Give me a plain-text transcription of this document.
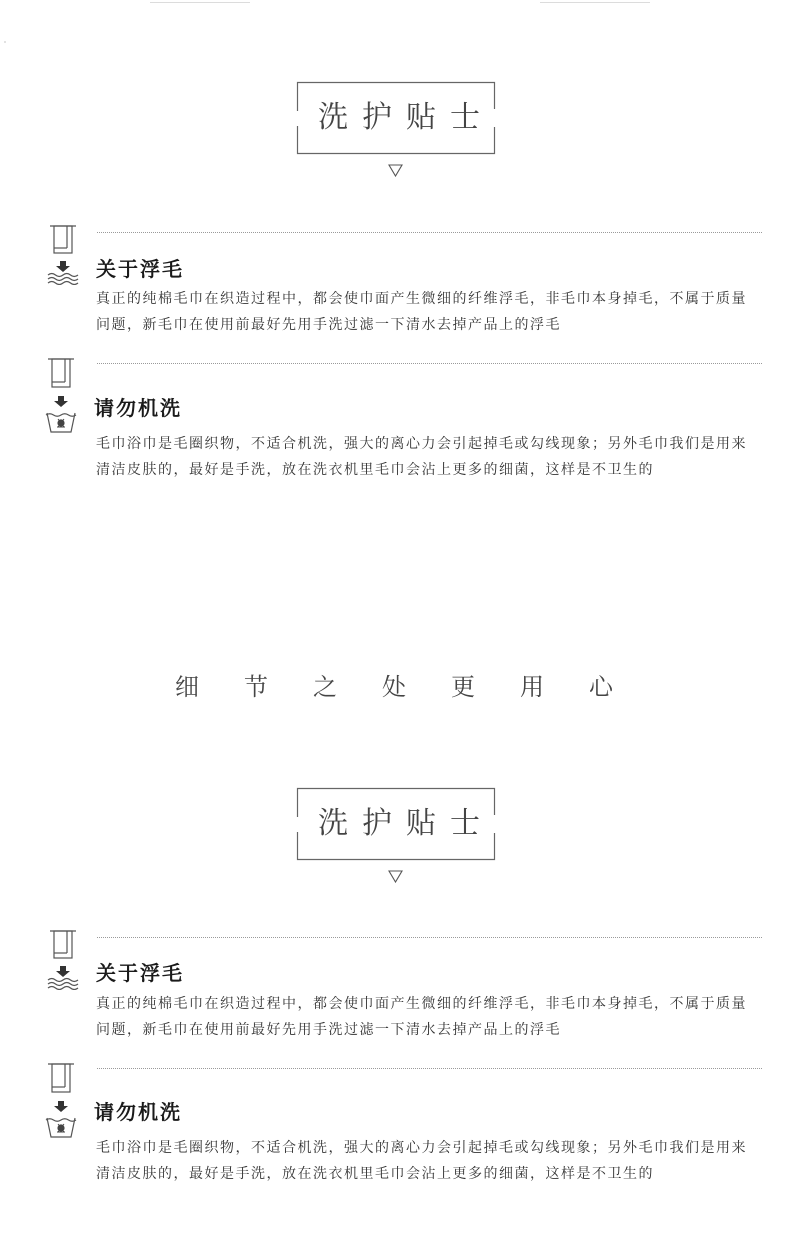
洗护贴士
关于浮毛
真正的纯棉毛巾在织造过程中，都会使巾面产生微细的纤维浮毛，非毛巾本身掉毛，不属于质量
问题，新毛巾在使用前最好先用手洗过滤一下清水去掉产品上的浮毛
请勿机洗
毛巾浴巾是毛圈织物，不适合机洗，强大的离心力会引起掉毛或勾线现象；另外毛巾我们是用来
清洁皮肤的，最好是手洗，放在洗衣机里毛巾会沾上更多的细菌，这样是不卫生的
细节之处更用心
洗护贴士
关于浮毛
真正的纯棉毛巾在织造过程中，都会使巾面产生微细的纤维浮毛，非毛巾本身掉毛，不属于质量
问题，新毛巾在使用前最好先用手洗过滤一下清水去掉产品上的浮毛
请勿机洗
毛巾浴巾是毛圈织物，不适合机洗，强大的离心力会引起掉毛或勾线现象；另外毛巾我们是用来
清洁皮肤的，最好是手洗，放在洗衣机里毛巾会沾上更多的细菌，这样是不卫生的
